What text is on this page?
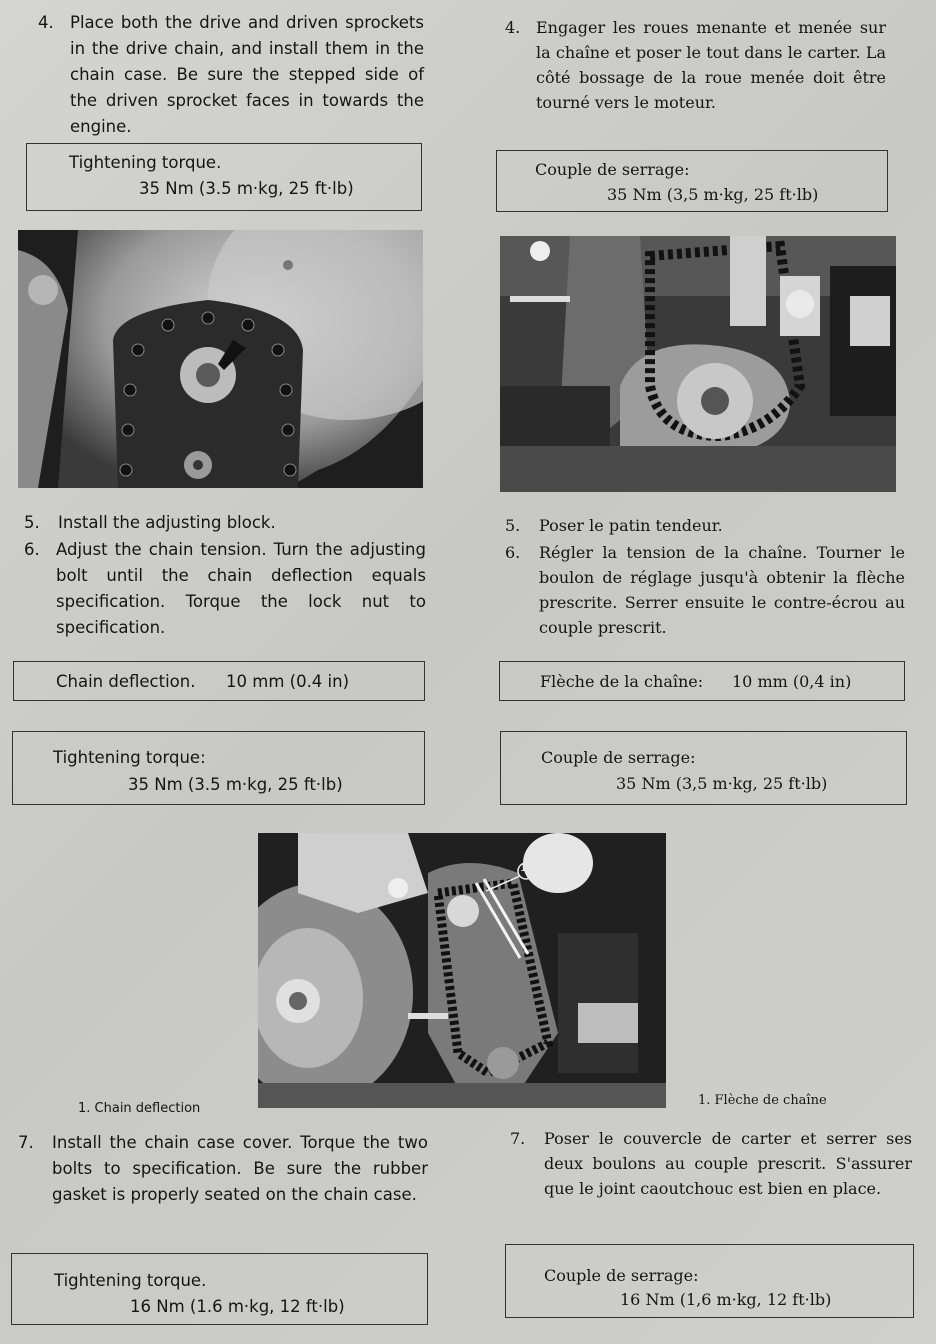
4. Place both the drive and driven sprockets in the drive chain, and install them in the chain case. Be sure the stepped side of the driven sprocket faces in towards the engine.
Tightening torque.
35 Nm (3.5 m·kg, 25 ft·lb)
5. Install the adjusting block.
6. Adjust the chain tension. Turn the adjusting bolt until the chain deflection equals specification. Torque the lock nut to specification.
Chain deflection. 10 mm (0.4 in)
Tightening torque:
35 Nm (3.5 m·kg, 25 ft·lb)
1. Chain deflection
7. Install the chain case cover. Torque the two bolts to specification. Be sure the rubber gasket is properly seated on the chain case.
Tightening torque.
16 Nm (1.6 m·kg, 12 ft·lb)
4. Engager les roues menante et menée sur la chaîne et poser le tout dans le carter. La côté bossage de la roue menée doit être tourné vers le moteur.
Couple de serrage:
35 Nm (3,5 m·kg, 25 ft·lb)
5. Poser le patin tendeur.
6. Régler la tension de la chaîne. Tourner le boulon de réglage jusqu'à obtenir la flèche prescrite. Serrer ensuite le contre-écrou au couple prescrit.
Flèche de la chaîne: 10 mm (0,4 in)
Couple de serrage:
35 Nm (3,5 m·kg, 25 ft·lb)
1. Flèche de chaîne
7. Poser le couvercle de carter et serrer ses deux boulons au couple prescrit. S'assurer que le joint caoutchouc est bien en place.
Couple de serrage:
16 Nm (1,6 m·kg, 12 ft·lb)
1
